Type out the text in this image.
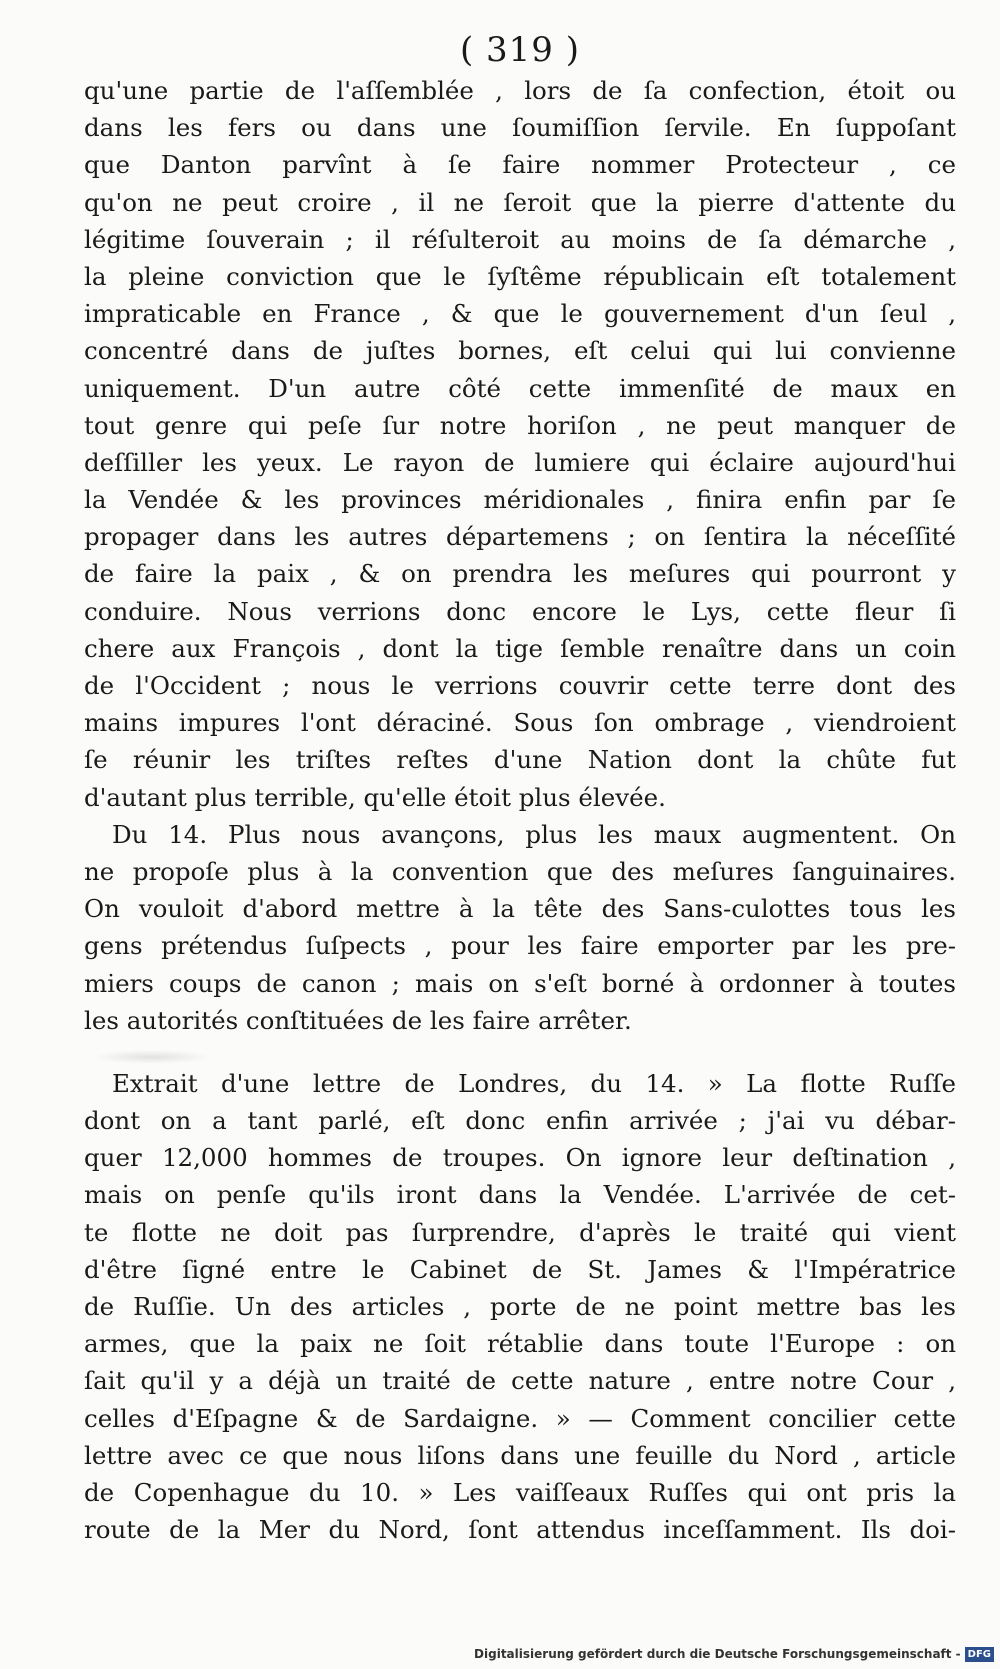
( 319 )
qu'une partie de l'aſſemblée , lors de ſa confection, étoit ou
dans les fers ou dans une ſoumiſſion ſervile. En ſuppoſant
que Danton parvînt à ſe faire nommer Protecteur , ce
qu'on ne peut croire , il ne ſeroit que la pierre d'attente du
légitime ſouverain ; il réſulteroit au moins de ſa démarche ,
la pleine conviction que le ſyſtême républicain eſt totalement
impraticable en France , & que le gouvernement d'un ſeul ,
concentré dans de juſtes bornes, eſt celui qui lui convienne
uniquement. D'un autre côté cette immenſité de maux en
tout genre qui peſe ſur notre horiſon , ne peut manquer de
deſſiller les yeux. Le rayon de lumiere qui éclaire aujourd'hui
la Vendée & les provinces méridionales , finira enfin par ſe
propager dans les autres départemens ; on ſentira la néceſſité
de faire la paix , & on prendra les meſures qui pourront y
conduire. Nous verrions donc encore le Lys, cette fleur ſi
chere aux François , dont la tige ſemble renaître dans un coin
de l'Occident ; nous le verrions couvrir cette terre dont des
mains impures l'ont déraciné. Sous ſon ombrage , viendroient
ſe réunir les triſtes reſtes d'une Nation dont la chûte fut
d'autant plus terrible, qu'elle étoit plus élevée.
Du 14. Plus nous avançons, plus les maux augmentent. On
ne propoſe plus à la convention que des meſures ſanguinaires.
On vouloit d'abord mettre à la tête des Sans-culottes tous les
gens prétendus ſuſpects , pour les faire emporter par les pre-
miers coups de canon ; mais on s'eſt borné à ordonner à toutes
les autorités conſtituées de les faire arrêter.
Extrait d'une lettre de Londres, du 14. » La flotte Ruſſe
dont on a tant parlé, eſt donc enfin arrivée ; j'ai vu débar-
quer 12,000 hommes de troupes. On ignore leur deſtination ,
mais on penſe qu'ils iront dans la Vendée. L'arrivée de cet-
te flotte ne doit pas ſurprendre, d'après le traité qui vient
d'être ſigné entre le Cabinet de St. James & l'Impératrice
de Ruſſie. Un des articles , porte de ne point mettre bas les
armes, que la paix ne ſoit rétablie dans toute l'Europe : on
ſait qu'il y a déjà un traité de cette nature , entre notre Cour ,
celles d'Eſpagne & de Sardaigne. » — Comment concilier cette
lettre avec ce que nous liſons dans une feuille du Nord , article
de Copenhague du 10. » Les vaiſſeaux Ruſſes qui ont pris la
route de la Mer du Nord, ſont attendus inceſſamment. Ils doi-
Digitalisierung gefördert durch die Deutsche Forschungsgemeinschaft - DFG
